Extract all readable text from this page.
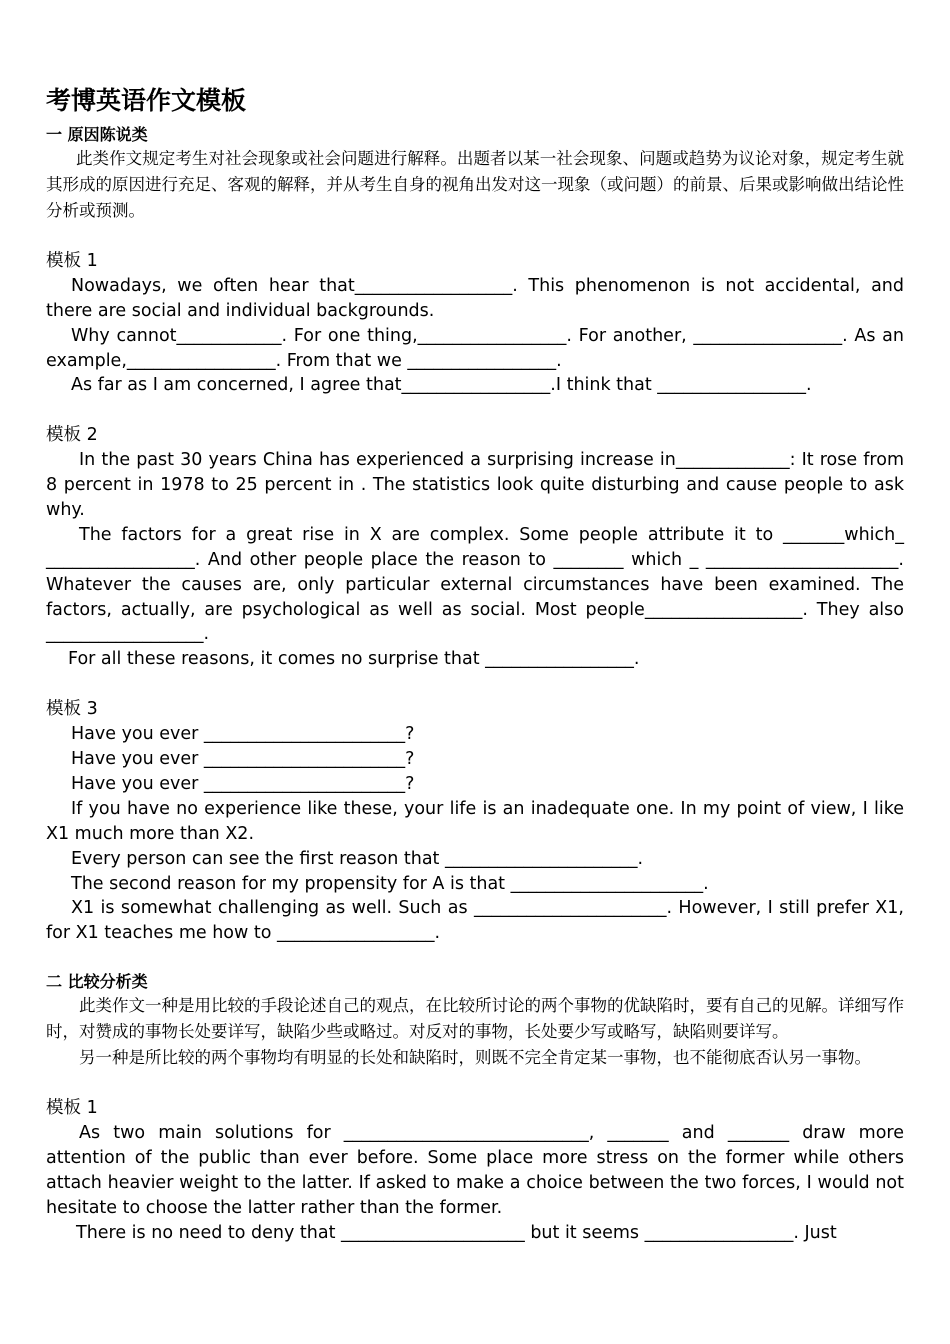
考博英语作文模板
一 原因陈说类
此类作文规定考生对社会现象或社会问题进行解释。出题者以某一社会现象、问题或趋势为议论对象，规定考生就其形成的原因进行充足、客观的解释，并从考生自身的视角出发对这一现象（或问题）的前景、后果或影响做出结论性分析或预测。
模板 1
Nowadays, we often hear that__________________. This phenomenon is not accidental, and there are social and individual backgrounds.
Why cannot____________. For one thing,_________________. For another, _________________. As an example,_________________. From that we _________________.
As far as I am concerned, I agree that_________________.I think that _________________.
模板 2
In the past 30 years China has experienced a surprising increase in_____________: It rose from 8 percent in 1978 to 25 percent in . The statistics look quite disturbing and cause people to ask why.
The factors for a great rise in X are complex. Some people attribute it to _______which_ _________________. And other people place the reason to ________ which _ ______________________. Whatever the causes are, only particular external circumstances have been examined. The factors, actually, are psychological as well as social. Most people__________________. They also __________________.
For all these reasons, it comes no surprise that _________________.
模板 3
Have you ever _______________________?
Have you ever _______________________?
Have you ever _______________________?
If you have no experience like these, your life is an inadequate one. In my point of view, I like X1 much more than X2.
Every person can see the first reason that ______________________.
The second reason for my propensity for A is that ______________________.
X1 is somewhat challenging as well. Such as ______________________. However, I still prefer X1, for X1 teaches me how to __________________.
二 比较分析类
此类作文一种是用比较的手段论述自己的观点，在比较所讨论的两个事物的优缺陷时，要有自己的见解。详细写作时，对赞成的事物长处要详写，缺陷少些或略过。对反对的事物，长处要少写或略写，缺陷则要详写。
另一种是所比较的两个事物均有明显的长处和缺陷时，则既不完全肯定某一事物，也不能彻底否认另一事物。
模板 1
As two main solutions for ____________________________, _______ and _______ draw more attention of the public than ever before. Some place more stress on the former while others attach heavier weight to the latter. If asked to make a choice between the two forces, I would not hesitate to choose the latter rather than the former.
There is no need to deny that _____________________ but it seems _________________. Just
